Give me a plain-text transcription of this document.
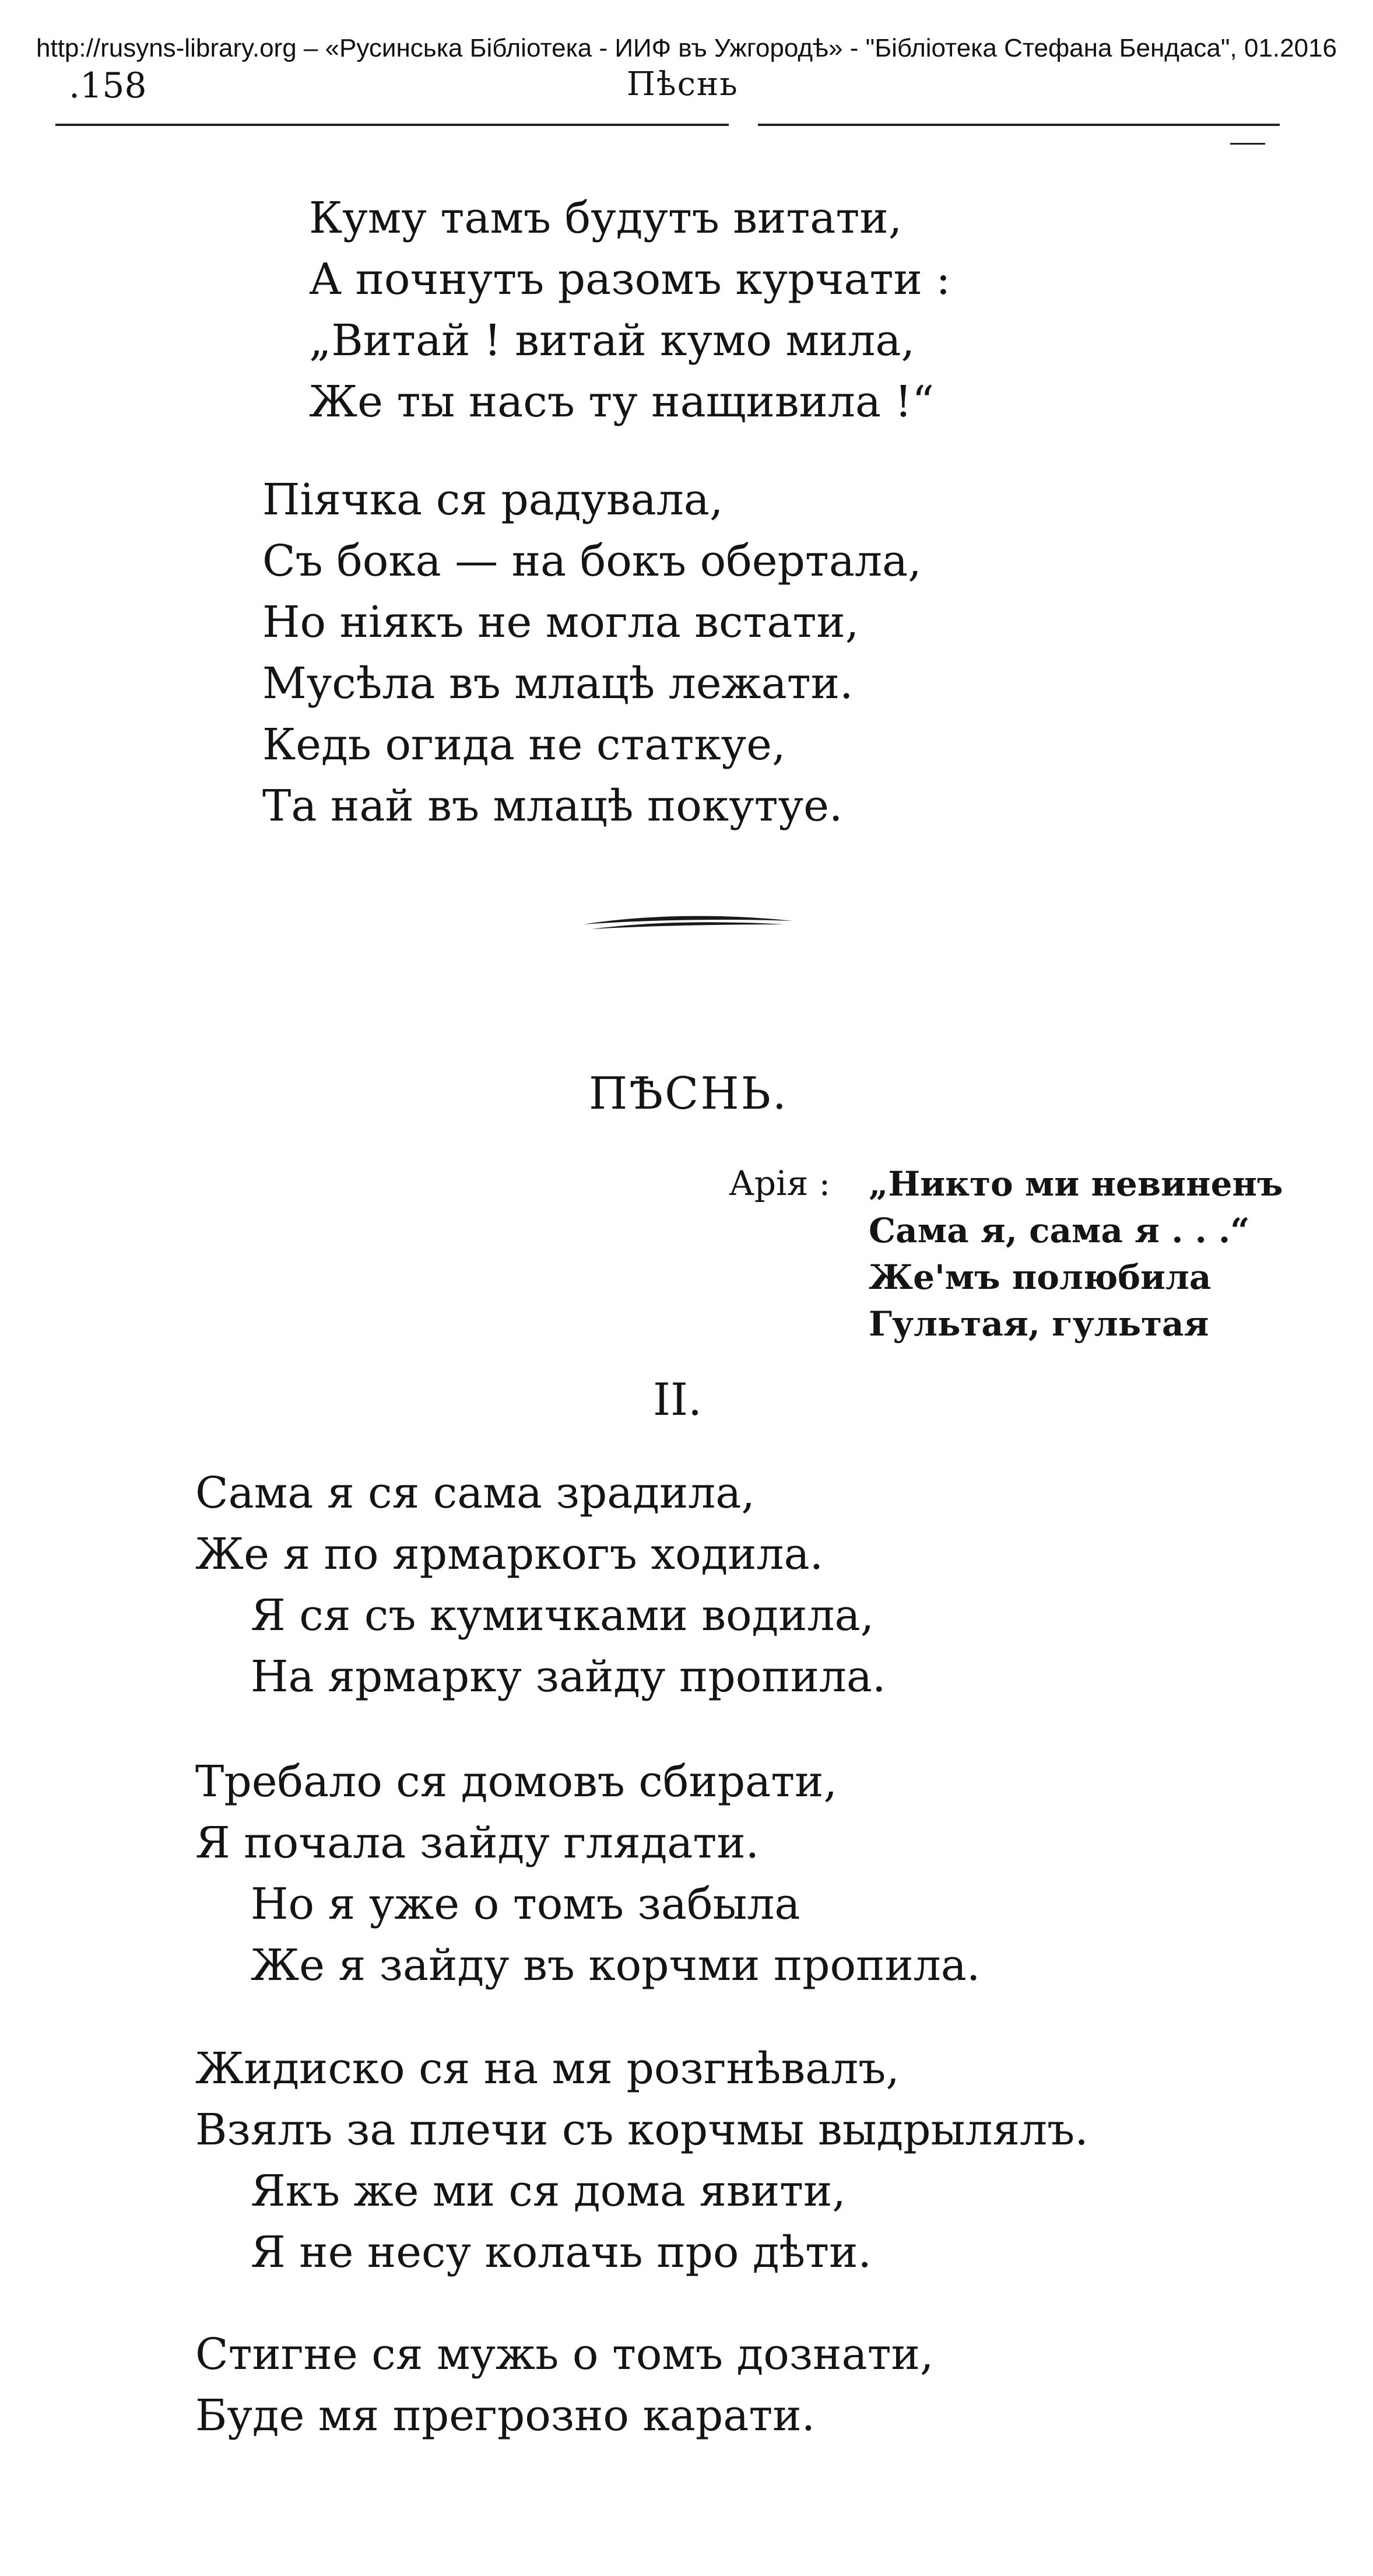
http://rusyns-library.org – «Русинська Бібліотека - ИИФ въ Ужгородѣ» - "Бібліотека Стефана Бендаса", 01.2016
.158	Пѣснь
Куму тамъ будутъ витати,
А почнутъ разомъ курчати :
„Витай ! витай кумо мила,
Же ты насъ ту нащивила !“
Піячка ся радувала,
Съ бока — на бокъ обертала,
Но ніякъ не могла встати,
Мусѣла въ млацѣ лежати.
Кедь огида не статкуе,
Та най въ млацѣ покутуе.
ПѢСНЬ.
Арія : „Никто ми невиненъ
Сама я, сама я . . .“
Же'мъ полюбила
Гультая, гультая
II.
Сама я ся сама зрадила,
Же я по ярмаркогъ ходила.
Я ся съ кумичками водила,
На ярмарку зайду пропила.
Требало ся домовъ сбирати,
Я почала зайду глядати.
Но я уже о томъ забыла
Же я зайду въ корчми пропила.
Жидиско ся на мя розгнѣвалъ,
Взялъ за плечи съ корчмы выдрылялъ.
Якъ же ми ся дома явити,
Я не несу колачь про дѣти.
Стигне ся мужь о томъ дознати,
Буде мя прегрозно карати.
